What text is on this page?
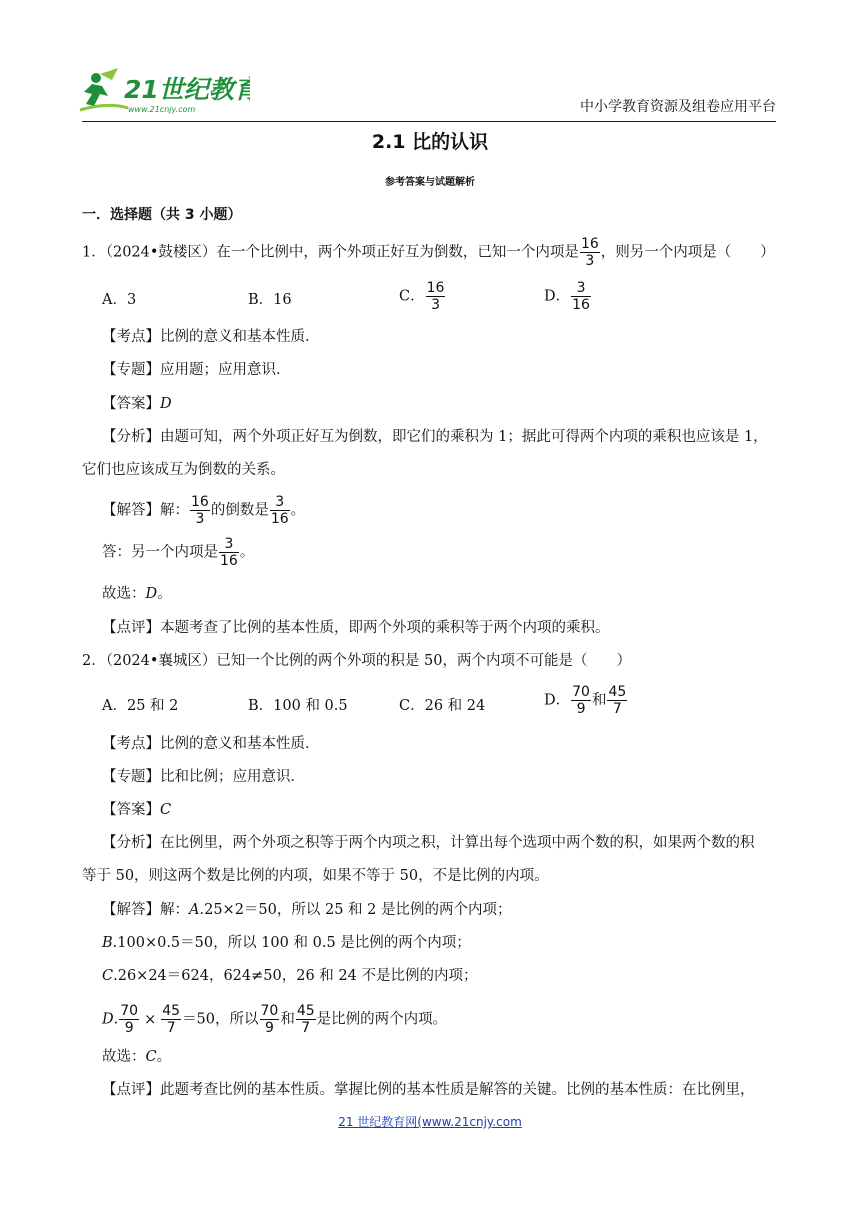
21世纪教育
www.21cnjy.com	中小学教育资源及组卷应用平台
2.1 比的认识
参考答案与试题解析
一．选择题（共 3 小题）
1．（2024•鼓楼区）在一个比例中，两个外项正好互为倒数，已知一个内项是 $\frac{16}{3}$ ，则另一个内项是（　　）
A．3	B．16	C． $\frac{16}{3}$	D． $\frac{3}{16}$
【考点】比例的意义和基本性质．
【专题】应用题；应用意识．
【答案】D
【分析】由题可知，两个外项正好互为倒数，即它们的乘积为 1；据此可得两个内项的乘积也应该是 1，
它们也应该成互为倒数的关系。
【解答】解： $\frac{16}{3}$ 的倒数是 $\frac{3}{16}$ 。
答：另一个内项是 $\frac{3}{16}$ 。
故选：D。
【点评】本题考查了比例的基本性质，即两个外项的乘积等于两个内项的乘积。
2．（2024•襄城区）已知一个比例的两个外项的积是 50，两个内项不可能是（　　）
A．25 和 2	B．100 和 0.5	C．26 和 24	D． $\frac{70}{9}$ 和 $\frac{45}{7}$
【考点】比例的意义和基本性质．
【专题】比和比例；应用意识．
【答案】C
【分析】在比例里，两个外项之积等于两个内项之积，计算出每个选项中两个数的积，如果两个数的积
等于 50，则这两个数是比例的内项，如果不等于 50，不是比例的内项。
【解答】解：A.25×2＝50，所以 25 和 2 是比例的两个内项；
B.100×0.5＝50，所以 100 和 0.5 是比例的两个内项；
C.26×24＝624，624≠50，26 和 24 不是比例的内项；
D. $\frac{70}{9} \times \frac{45}{7} =50$，所以 $\frac{70}{9}$ 和 $\frac{45}{7}$ 是比例的两个内项。
故选：C。
【点评】此题考查比例的基本性质。掌握比例的基本性质是解答的关键。比例的基本性质：在比例里，
21 世纪教育网(www.21cnjy.com
